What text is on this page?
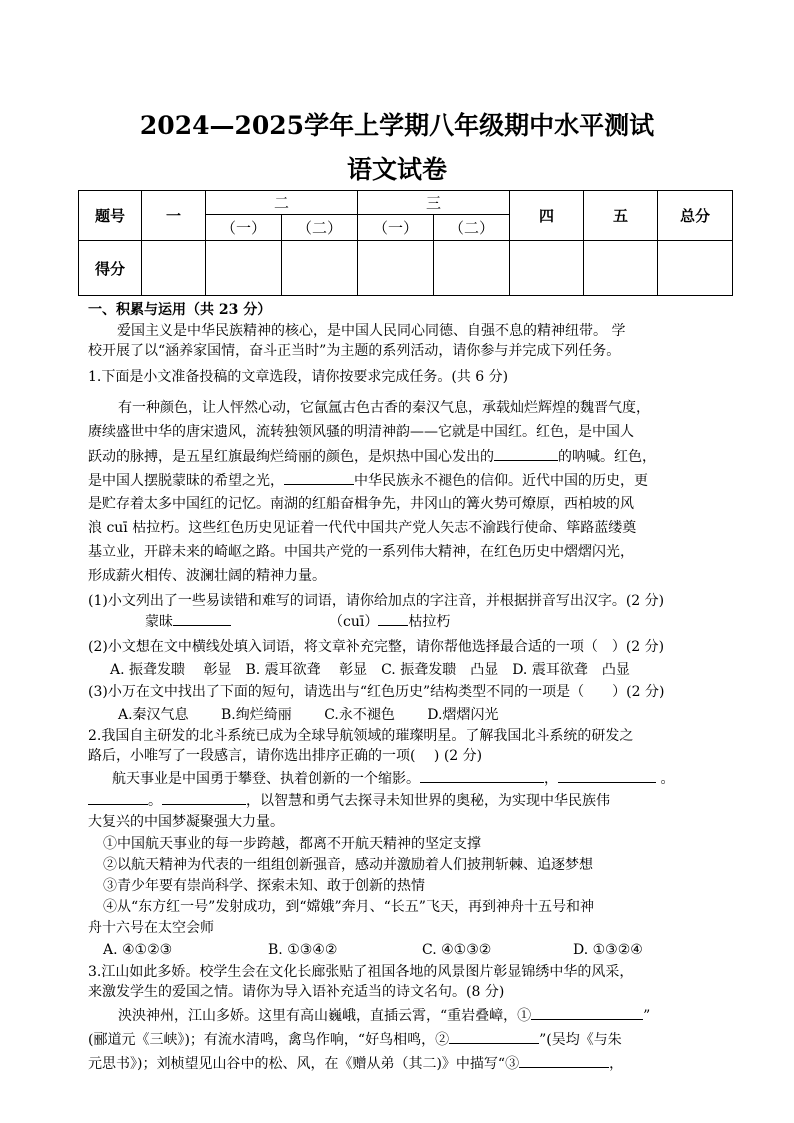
2024—2025学年上学期八年级期中水平测试
语文试卷
题号	一	二		三		四	五	总分
		（一）	（二）	（一）	（二）			
得分								
一、积累与运用（共 23 分）
爱国主义是中华民族精神的核心，是中国人民同心同德、自强不息的精神纽带。 学
校开展了以“涵养家国情，奋斗正当时”为主题的系列活动，请你参与并完成下列任务。
1.下面是小文准备投稿的文章选段，请你按要求完成任务。(共 6 分)
有一种颜色，让人怦然心动，它氤氲古色古香的秦汉气息，承载灿烂辉煌的魏晋气度，
赓续盛世中华的唐宋遗风，流转独领风骚的明清神韵——它就是中国红。红色，是中国人
跃动的脉搏，是五星红旗最绚烂绮丽的颜色，是炽热中国心发出的	的呐喊。红色，
是中国人摆脱蒙昧的希望之光，	中华民族永不褪色的信仰。近代中国的历史，更
是贮存着太多中国红的记忆。南湖的红船奋楫争先，井冈山的篝火势可燎原，西柏坡的风
浪 cuī 枯拉朽。这些红色历史见证着一代代中国共产党人矢志不渝践行使命、筚路蓝缕奠
基立业，开辟未来的崎岖之路。中国共产党的一系列伟大精神，在红色历史中熠熠闪光，
形成薪火相传、波澜壮阔的精神力量。
(1)小文列出了一些易读错和难写的词语，请你给加点的字注音，并根据拼音写出汉字。(2 分)
蒙昧	（cuī） 枯拉朽
(2)小文想在文中横线处填入词语，将文章补充完整，请你帮他选择最合适的一项（　）(2 分)
A. 振聋发聩　 彰显　B. 震耳欲聋　 彰显　C. 振聋发聩　凸显　D. 震耳欲聋　凸显
(3)小万在文中找出了下面的短句，请选出与“红色历史”结构类型不同的一项是（　　）(2 分)
A.秦汉气息　　 B.绚烂绮丽　　 C.永不褪色　　 D.熠熠闪光
2.我国自主研发的北斗系统已成为全球导航领域的璀璨明星。了解我国北斗系统的研发之
路后，小唯写了一段感言，请你选出排序正确的一项(　 ) (2 分)
航天事业是中国勇于攀登、执着创新的一个缩影。	，	。
。	，以智慧和勇气去探寻未知世界的奥秘，为实现中华民族伟
大复兴的中国梦凝聚强大力量。
①中国航天事业的每一步跨越，都离不开航天精神的坚定支撑
②以航天精神为代表的一组组创新强音，感动并激励着人们披荆斩棘、追逐梦想
③青少年要有崇尚科学、探索未知、敢于创新的热情
④从“东方红一号”发射成功，到“嫦娥”奔月、“长五”飞天，再到神舟十五号和神
舟十六号在太空会师
A. ④①②③	B. ①③④②	C. ④①③②	D. ①③②④
3.江山如此多娇。校学生会在文化长廊张贴了祖国各地的风景图片彰显锦绣中华的风采，
来激发学生的爱国之情。请你为导入语补充适当的诗文名句。(8 分)
泱泱神州，江山多娇。这里有高山巍峨，直插云霄，“重岩叠嶂，①	”
(郦道元《三峡》)；有流水清鸣，禽鸟作响，“好鸟相鸣，②	”(吴均《与朱
元思书》)；刘桢望见山谷中的松、风，在《赠从弟（其二)》中描写“③	，
